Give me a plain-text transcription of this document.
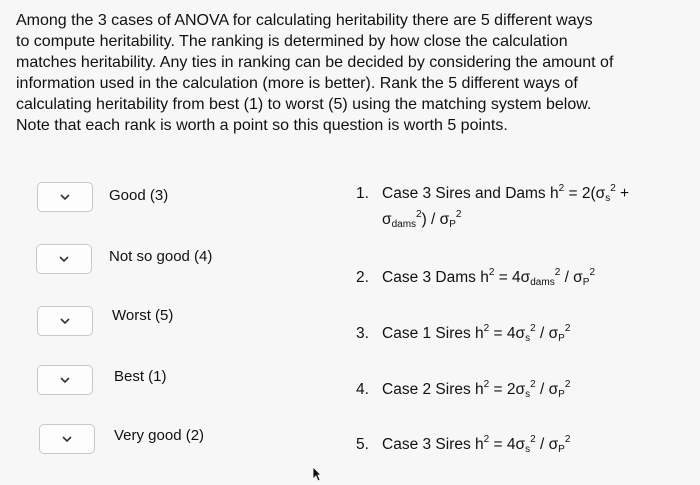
Among the 3 cases of ANOVA for calculating heritability there are 5 different ways
to compute heritability. The ranking is determined by how close the calculation
matches heritability. Any ties in ranking can be decided by considering the amount of
information used in the calculation (more is better). Rank the 5 different ways of
calculating heritability from best (1) to worst (5) using the matching system below.
Note that each rank is worth a point so this question is worth 5 points.
Good (3)
Not so good (4)
Worst (5)
Best (1)
Very good (2)
1. Case 3 Sires and Dams $h^2 = 2(\sigma_s^2$ +
$\sigma_{dams}^2) / \sigma_P^2$
2. Case 3 Dams $h^2 = 4\sigma_{dams}^2 / \sigma_P^2$
3. Case 1 Sires $h^2 = 4\sigma_s^2 / \sigma_P^2$
4. Case 2 Sires $h^2 = 2\sigma_s^2 / \sigma_P^2$
5. Case 3 Sires $h^2 = 4\sigma_s^2 / \sigma_P^2$
